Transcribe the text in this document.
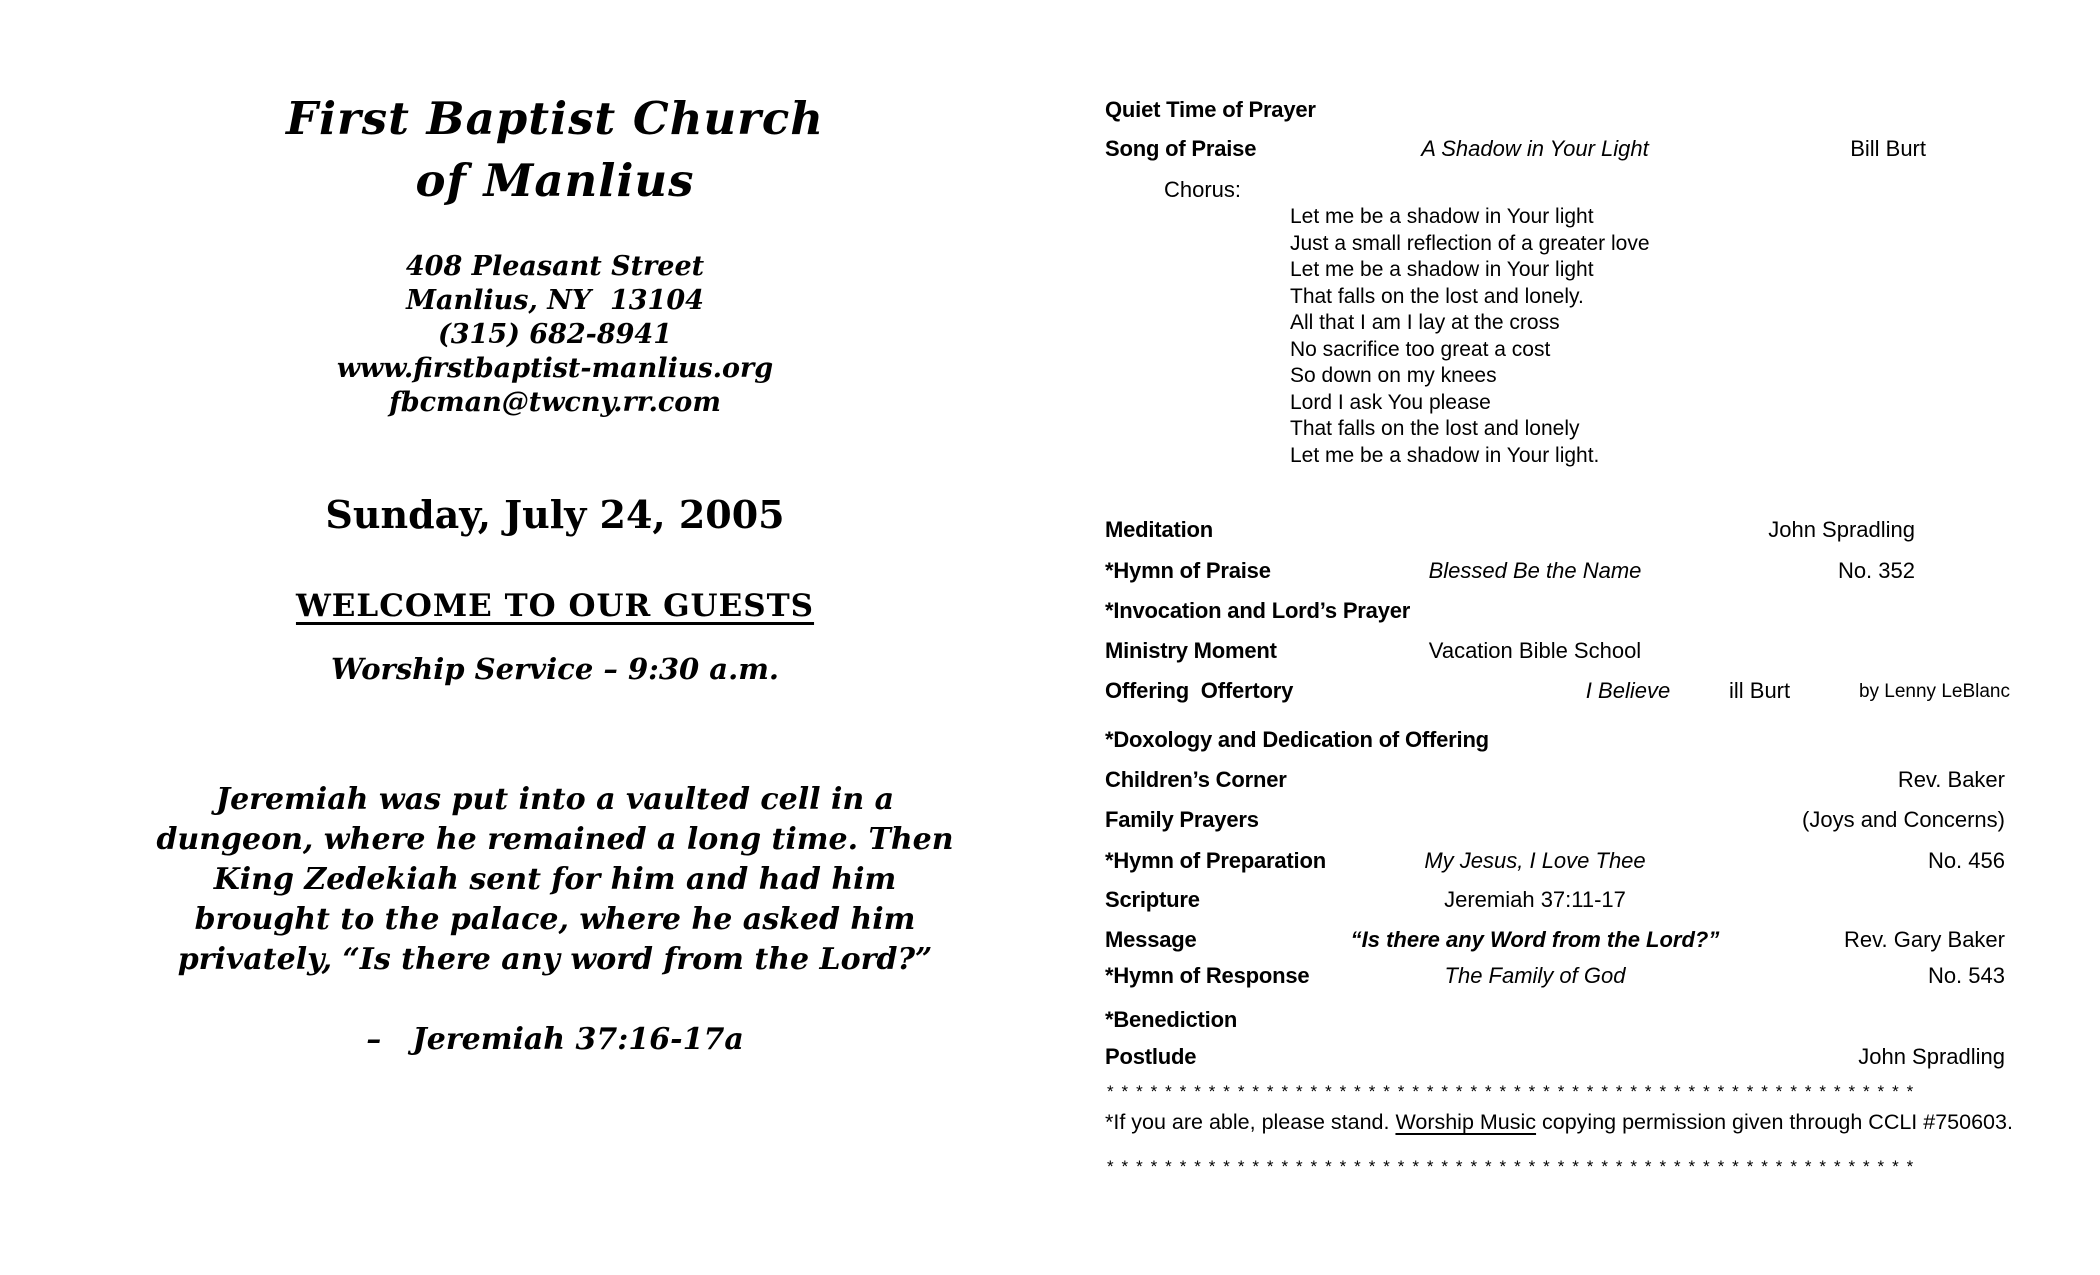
First Baptist Church
of Manlius
408 Pleasant Street
Manlius, NY  13104
(315) 682-8941
www.firstbaptist-manlius.org
fbcman@twcny.rr.com
Sunday, July 24, 2005
WELCOME TO OUR GUESTS
Worship Service – 9:30 a.m.
Jeremiah was put into a vaulted cell in a
dungeon, where he remained a long time. Then
King Zedekiah sent for him and had him
brought to the palace, where he asked him
privately, “Is there any word from the Lord?”
–   Jeremiah 37:16-17a
Quiet Time of Prayer
Song of Praise	A Shadow in Your Light	Bill Burt
Chorus:
Let me be a shadow in Your light
Just a small reflection of a greater love
Let me be a shadow in Your light
That falls on the lost and lonely.
All that I am I lay at the cross
No sacrifice too great a cost
So down on my knees
Lord I ask You please
That falls on the lost and lonely
Let me be a shadow in Your light.
Meditation	John Spradling
*Hymn of Praise	Blessed Be the Name	No. 352
*Invocation and Lord’s Prayer
Ministry Moment	Vacation Bible School
Offering  Offertory	I Believe	ill Burt	by Lenny LeBlanc
*Doxology and Dedication of Offering
Children’s Corner	Rev. Baker
Family Prayers	(Joys and Concerns)
*Hymn of Preparation	My Jesus, I Love Thee	No. 456
Scripture	Jeremiah 37:11-17
Message	“Is there any Word from the Lord?”	Rev. Gary Baker
*Hymn of Response	The Family of God	No. 543
*Benediction
Postlude	John Spradling
* * * * * * * * * * * * * * * * * * * * * * * * * * * * * * * * * * * * * * * * * * * * * * * * * * * * * * * *
*If you are able, please stand. Worship Music copying permission given through CCLI #750603.
* * * * * * * * * * * * * * * * * * * * * * * * * * * * * * * * * * * * * * * * * * * * * * * * * * * * * * * *
